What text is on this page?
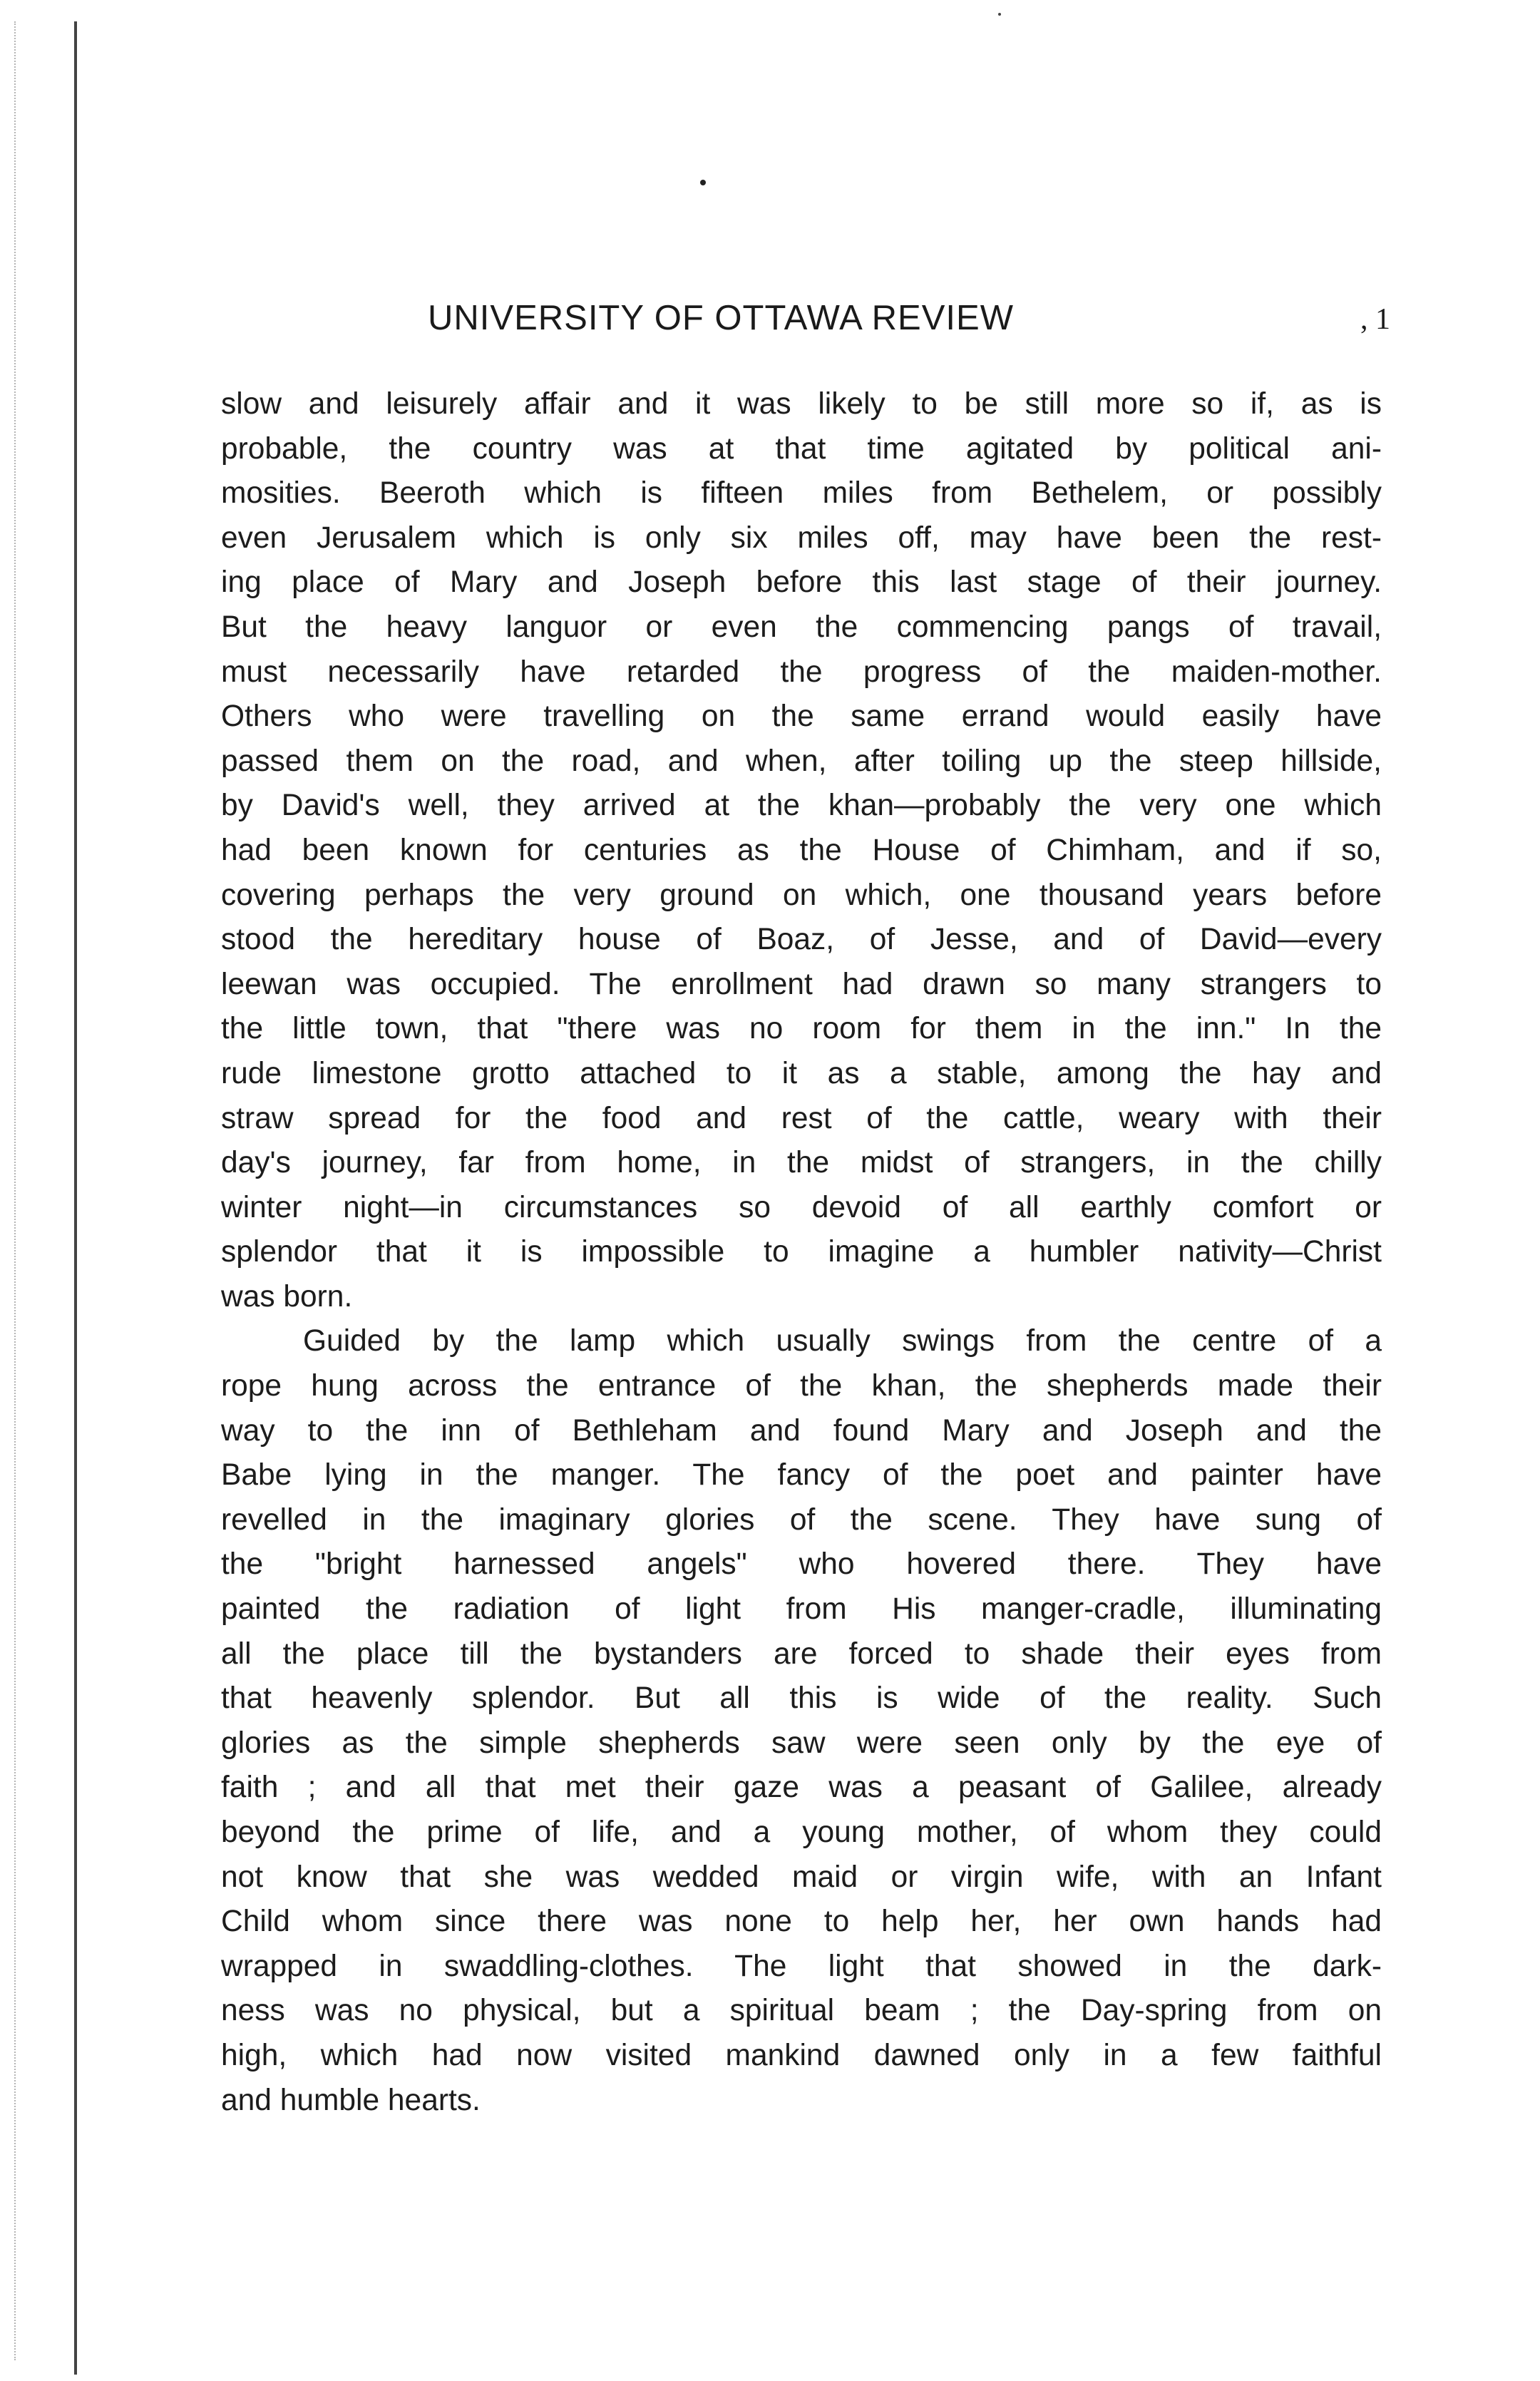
UNIVERSITY OF OTTAWA REVIEW	, 1
slow and leisurely affair and it was likely to be still more so if, as is
probable, the country was at that time agitated by political ani-
mosities. Beeroth which is fifteen miles from Bethelem, or possibly
even Jerusalem which is only six miles off, may have been the rest-
ing place of Mary and Joseph before this last stage of their journey.
But the heavy languor or even the commencing pangs of travail,
must necessarily have retarded the progress of the maiden-mother.
Others who were travelling on the same errand would easily have
passed them on the road, and when, after toiling up the steep hillside,
by David's well, they arrived at the khan—probably the very one which
had been known for centuries as the House of Chimham, and if so,
covering perhaps the very ground on which, one thousand years before
stood the hereditary house of Boaz, of Jesse, and of David—every
leewan was occupied. The enrollment had drawn so many strangers to
the little town, that "there was no room for them in the inn." In the
rude limestone grotto attached to it as a stable, among the hay and
straw spread for the food and rest of the cattle, weary with their
day's journey, far from home, in the midst of strangers, in the chilly
winter night—in circumstances so devoid of all earthly comfort or
splendor that it is impossible to imagine a humbler nativity—Christ
was born.
Guided by the lamp which usually swings from the centre of a
rope hung across the entrance of the khan, the shepherds made their
way to the inn of Bethleham and found Mary and Joseph and the
Babe lying in the manger. The fancy of the poet and painter have
revelled in the imaginary glories of the scene. They have sung of
the "bright harnessed angels" who hovered there. They have
painted the radiation of light from His manger-cradle, illuminating
all the place till the bystanders are forced to shade their eyes from
that heavenly splendor. But all this is wide of the reality. Such
glories as the simple shepherds saw were seen only by the eye of
faith ; and all that met their gaze was a peasant of Galilee, already
beyond the prime of life, and a young mother, of whom they could
not know that she was wedded maid or virgin wife, with an Infant
Child whom since there was none to help her, her own hands had
wrapped in swaddling-clothes. The light that showed in the dark-
ness was no physical, but a spiritual beam ; the Day-spring from on
high, which had now visited mankind dawned only in a few faithful
and humble hearts.
